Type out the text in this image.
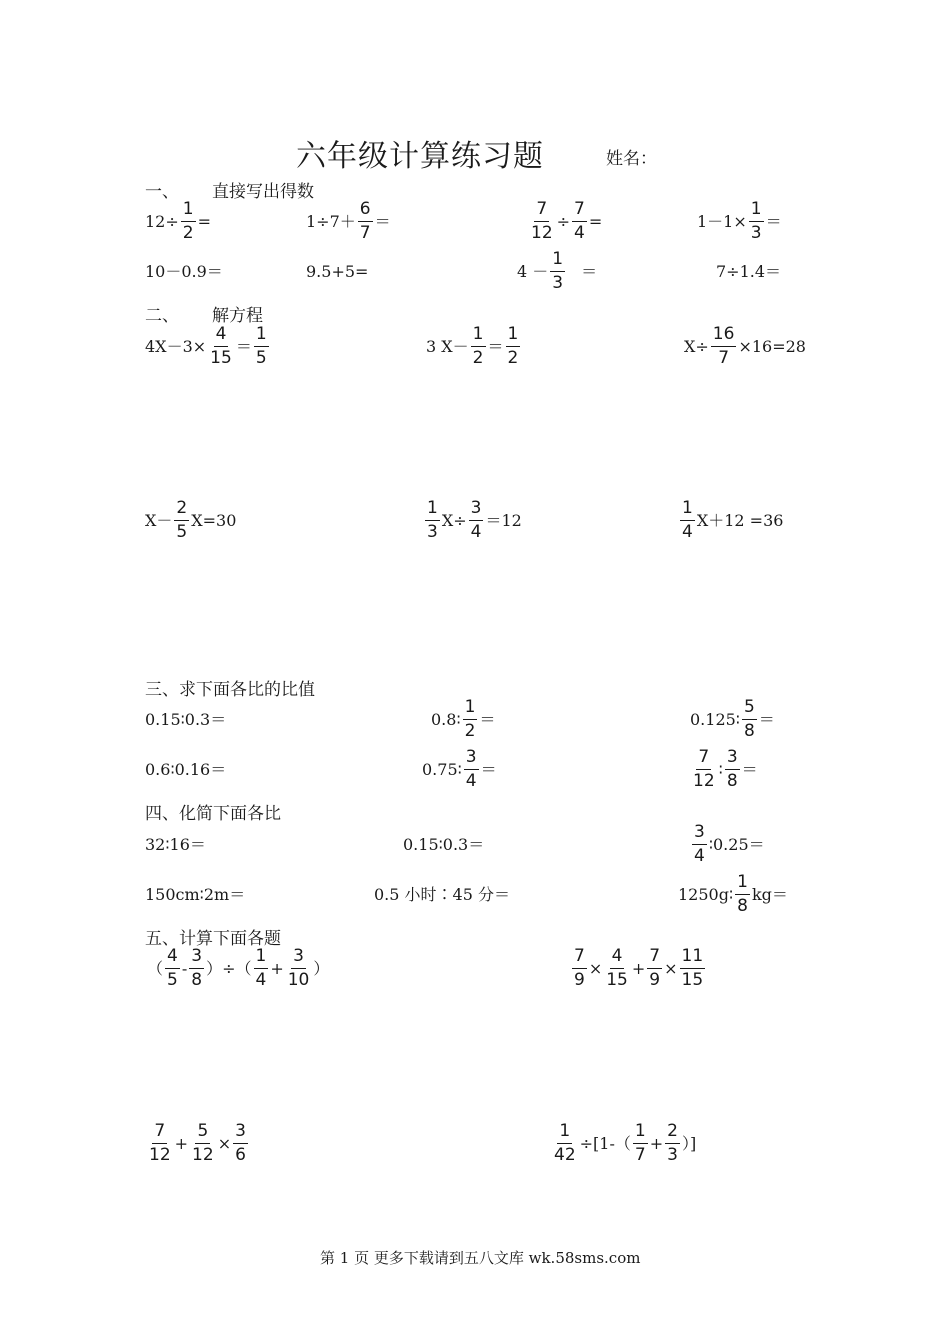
六年级计算练习题	姓名：
一、 直接写出得数
$12\div \frac{1}{2}$ =	$1\div 7+ \frac{6}{7}$ ＝	$\frac{7}{12} \div \frac{7}{4}$ =	$1-1\times \frac{1}{3}$ ＝
10－0.9＝	9.5+5=	$4 - \frac{1}{3}$ ＝	7÷1.4＝
二、 解方程
$4X-3\times \frac{4}{15} = \frac{1}{5}$	3 $X- \frac{1}{2} = \frac{1}{2}$	$X\div \frac{16}{7} \times 16=28$
$X- \frac{2}{5} X=30$	$\frac{1}{3} X\div \frac{3}{4} =12$	$\frac{1}{4} X+12 =36$
三、求下面各比的比值
0.15∶0.3＝	0.8∶ $\frac{1}{2}$ ＝	0.125∶ $\frac{5}{8}$ ＝
0.6∶0.16＝	0.75∶ $\frac{3}{4}$ ＝	$\frac{7}{12}$ ∶ $\frac{3}{8}$ ＝
四、化简下面各比
32∶16＝	0.15∶0.3＝	$\frac{3}{4}$ ∶0.25＝
150cm∶2m＝	0.5 小时∶45 分＝	1250g∶ $\frac{1}{8} kg=$
五、计算下面各题
（ $\frac{4}{5} - \frac{3}{8}$ ）÷（ $\frac{1}{4} + \frac{3}{10}$ ）	$\frac{7}{9} \times \frac{4}{15} + \frac{7}{9} \times \frac{11}{15}$
$\frac{7}{12} + \frac{5}{12} \times \frac{3}{6}$	$\frac{1}{42} \div[1-( \frac{1}{7} + \frac{2}{3}$ ）]
第 1 页 更多下载请到五八文库 wk.58sms.com
